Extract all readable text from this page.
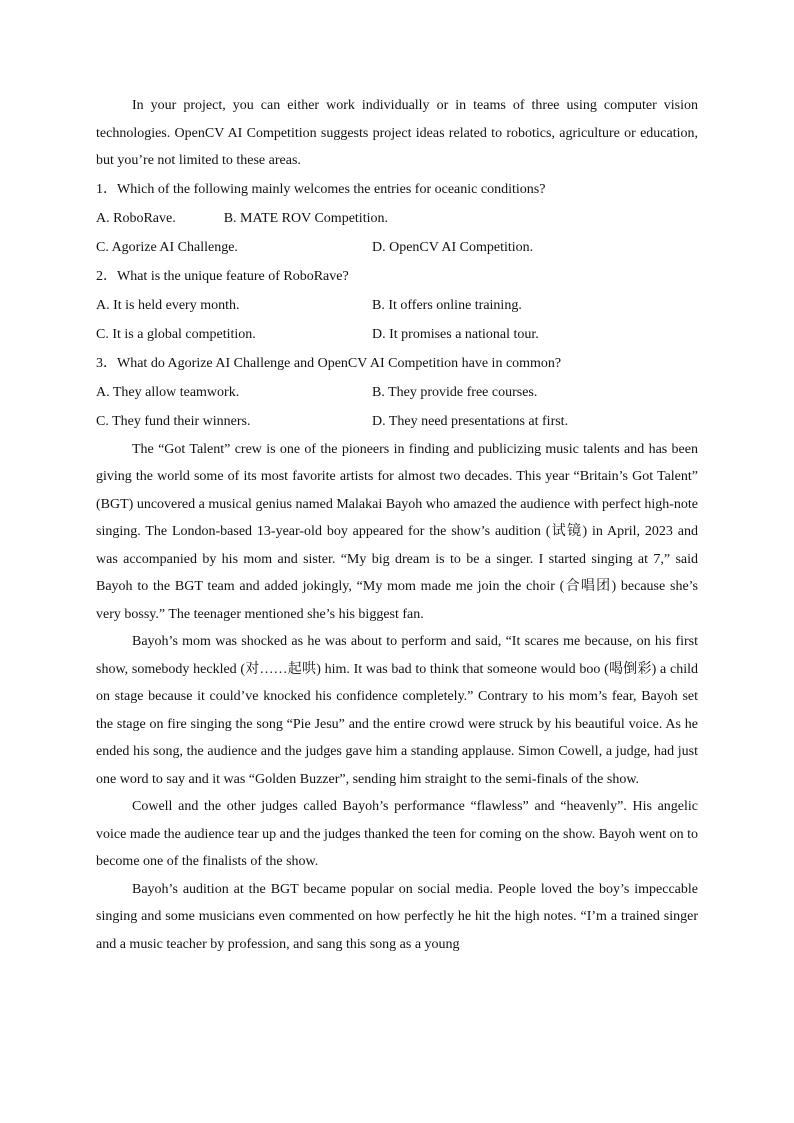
In your project, you can either work individually or in teams of three using computer vision technologies. OpenCV AI Competition suggests project ideas related to robotics, agriculture or education, but you’re not limited to these areas.

1．Which of the following mainly welcomes the entries for oceanic conditions?

A. RoboRave.	B. MATE ROV Competition.
C. Agorize AI Challenge.	D. OpenCV AI Competition.

2．What is the unique feature of RoboRave?

A. It is held every month.	B. It offers online training.
C. It is a global competition.	D. It promises a national tour.

3．What do Agorize AI Challenge and OpenCV AI Competition have in common?

A. They allow teamwork.	B. They provide free courses.
C. They fund their winners.	D. They need presentations at first.

The “Got Talent” crew is one of the pioneers in finding and publicizing music talents and has been giving the world some of its most favorite artists for almost two decades. This year “Britain’s Got Talent” (BGT) uncovered a musical genius named Malakai Bayoh who amazed the audience with perfect high-note singing. The London-based 13-year-old boy appeared for the show’s audition (试镜) in April, 2023 and was accompanied by his mom and sister. “My big dream is to be a singer. I started singing at 7,” said Bayoh to the BGT team and added jokingly, “My mom made me join the choir (合唱团) because she’s very bossy.” The teenager mentioned she’s his biggest fan.

Bayoh’s mom was shocked as he was about to perform and said, “It scares me because, on his first show, somebody heckled (对……起哄) him. It was bad to think that someone would boo (喝倒彩) a child on stage because it could’ve knocked his confidence completely.” Contrary to his mom’s fear, Bayoh set the stage on fire singing the song “Pie Jesu” and the entire crowd were struck by his beautiful voice. As he ended his song, the audience and the judges gave him a standing applause. Simon Cowell, a judge, had just one word to say and it was “Golden Buzzer”, sending him straight to the semi-finals of the show.

Cowell and the other judges called Bayoh’s performance “flawless” and “heavenly”. His angelic voice made the audience tear up and the judges thanked the teen for coming on the show. Bayoh went on to become one of the finalists of the show.

Bayoh’s audition at the BGT became popular on social media. People loved the boy’s impeccable singing and some musicians even commented on how perfectly he hit the high notes. “I’m a trained singer and a music teacher by profession, and sang this song as a young
